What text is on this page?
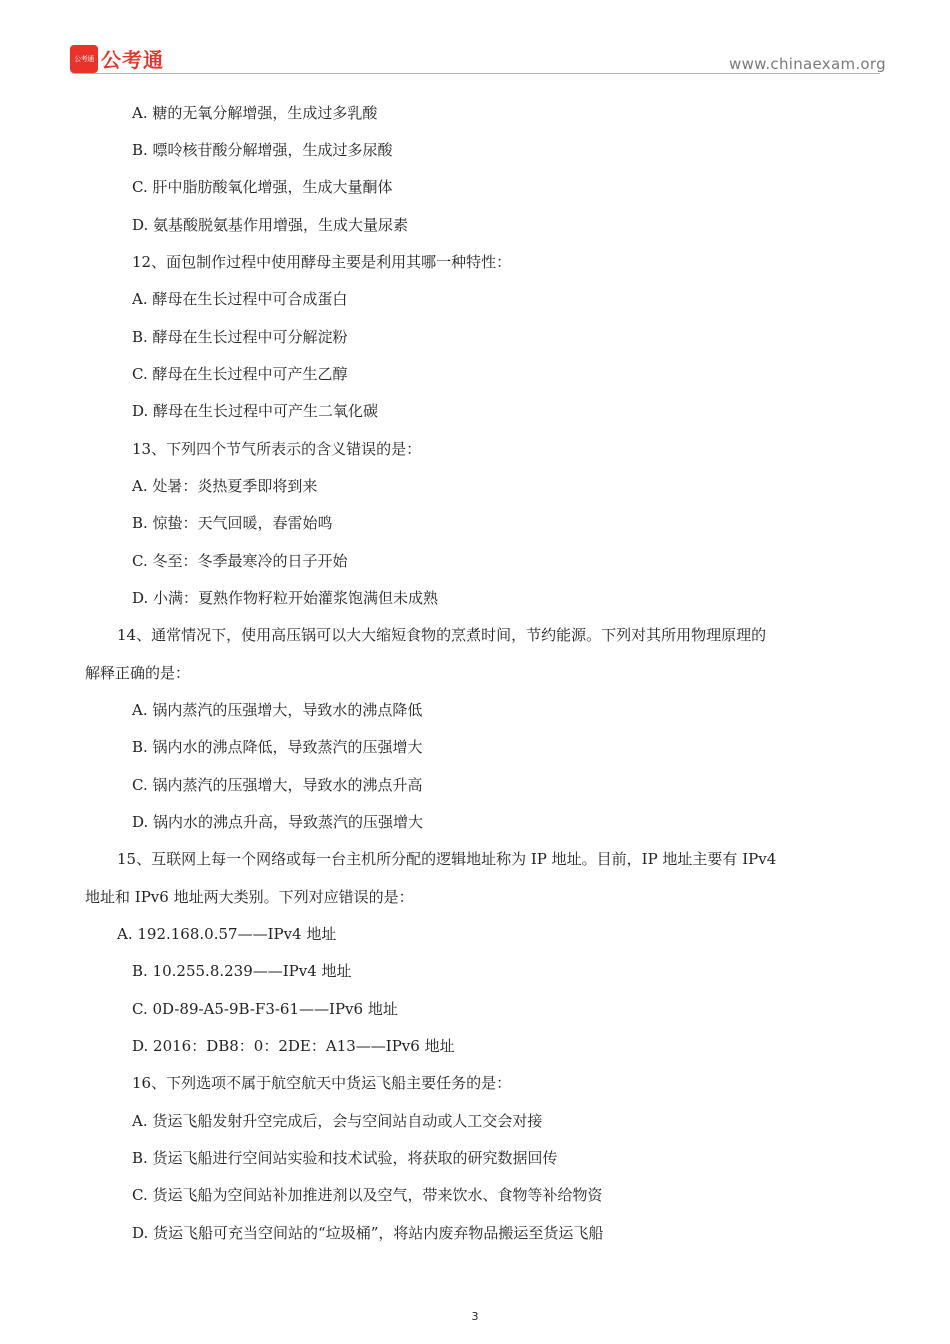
公考通 公考通	www.chinaexam.org
A. 糖的无氧分解增强，生成过多乳酸
B. 嘌呤核苷酸分解增强，生成过多尿酸
C. 肝中脂肪酸氧化增强，生成大量酮体
D. 氨基酸脱氨基作用增强，生成大量尿素
12、面包制作过程中使用酵母主要是利用其哪一种特性：
A. 酵母在生长过程中可合成蛋白
B. 酵母在生长过程中可分解淀粉
C. 酵母在生长过程中可产生乙醇
D. 酵母在生长过程中可产生二氧化碳
13、下列四个节气所表示的含义错误的是：
A. 处暑：炎热夏季即将到来
B. 惊蛰：天气回暖，春雷始鸣
C. 冬至：冬季最寒冷的日子开始
D. 小满：夏熟作物籽粒开始灌浆饱满但未成熟
14、通常情况下，使用高压锅可以大大缩短食物的烹煮时间，节约能源。下列对其所用物理原理的
解释正确的是：
A. 锅内蒸汽的压强增大，导致水的沸点降低
B. 锅内水的沸点降低，导致蒸汽的压强增大
C. 锅内蒸汽的压强增大，导致水的沸点升高
D. 锅内水的沸点升高，导致蒸汽的压强增大
15、互联网上每一个网络或每一台主机所分配的逻辑地址称为 IP 地址。目前，IP 地址主要有 IPv4
地址和 IPv6 地址两大类别。下列对应错误的是：
A. 192.168.0.57——IPv4 地址
B. 10.255.8.239——IPv4 地址
C. 0D-89-A5-9B-F3-61——IPv6 地址
D. 2016：DB8：0：2DE：A13——IPv6 地址
16、下列选项不属于航空航天中货运飞船主要任务的是：
A. 货运飞船发射升空完成后，会与空间站自动或人工交会对接
B. 货运飞船进行空间站实验和技术试验，将获取的研究数据回传
C. 货运飞船为空间站补加推进剂以及空气，带来饮水、食物等补给物资
D. 货运飞船可充当空间站的“垃圾桶”，将站内废弃物品搬运至货运飞船
3
